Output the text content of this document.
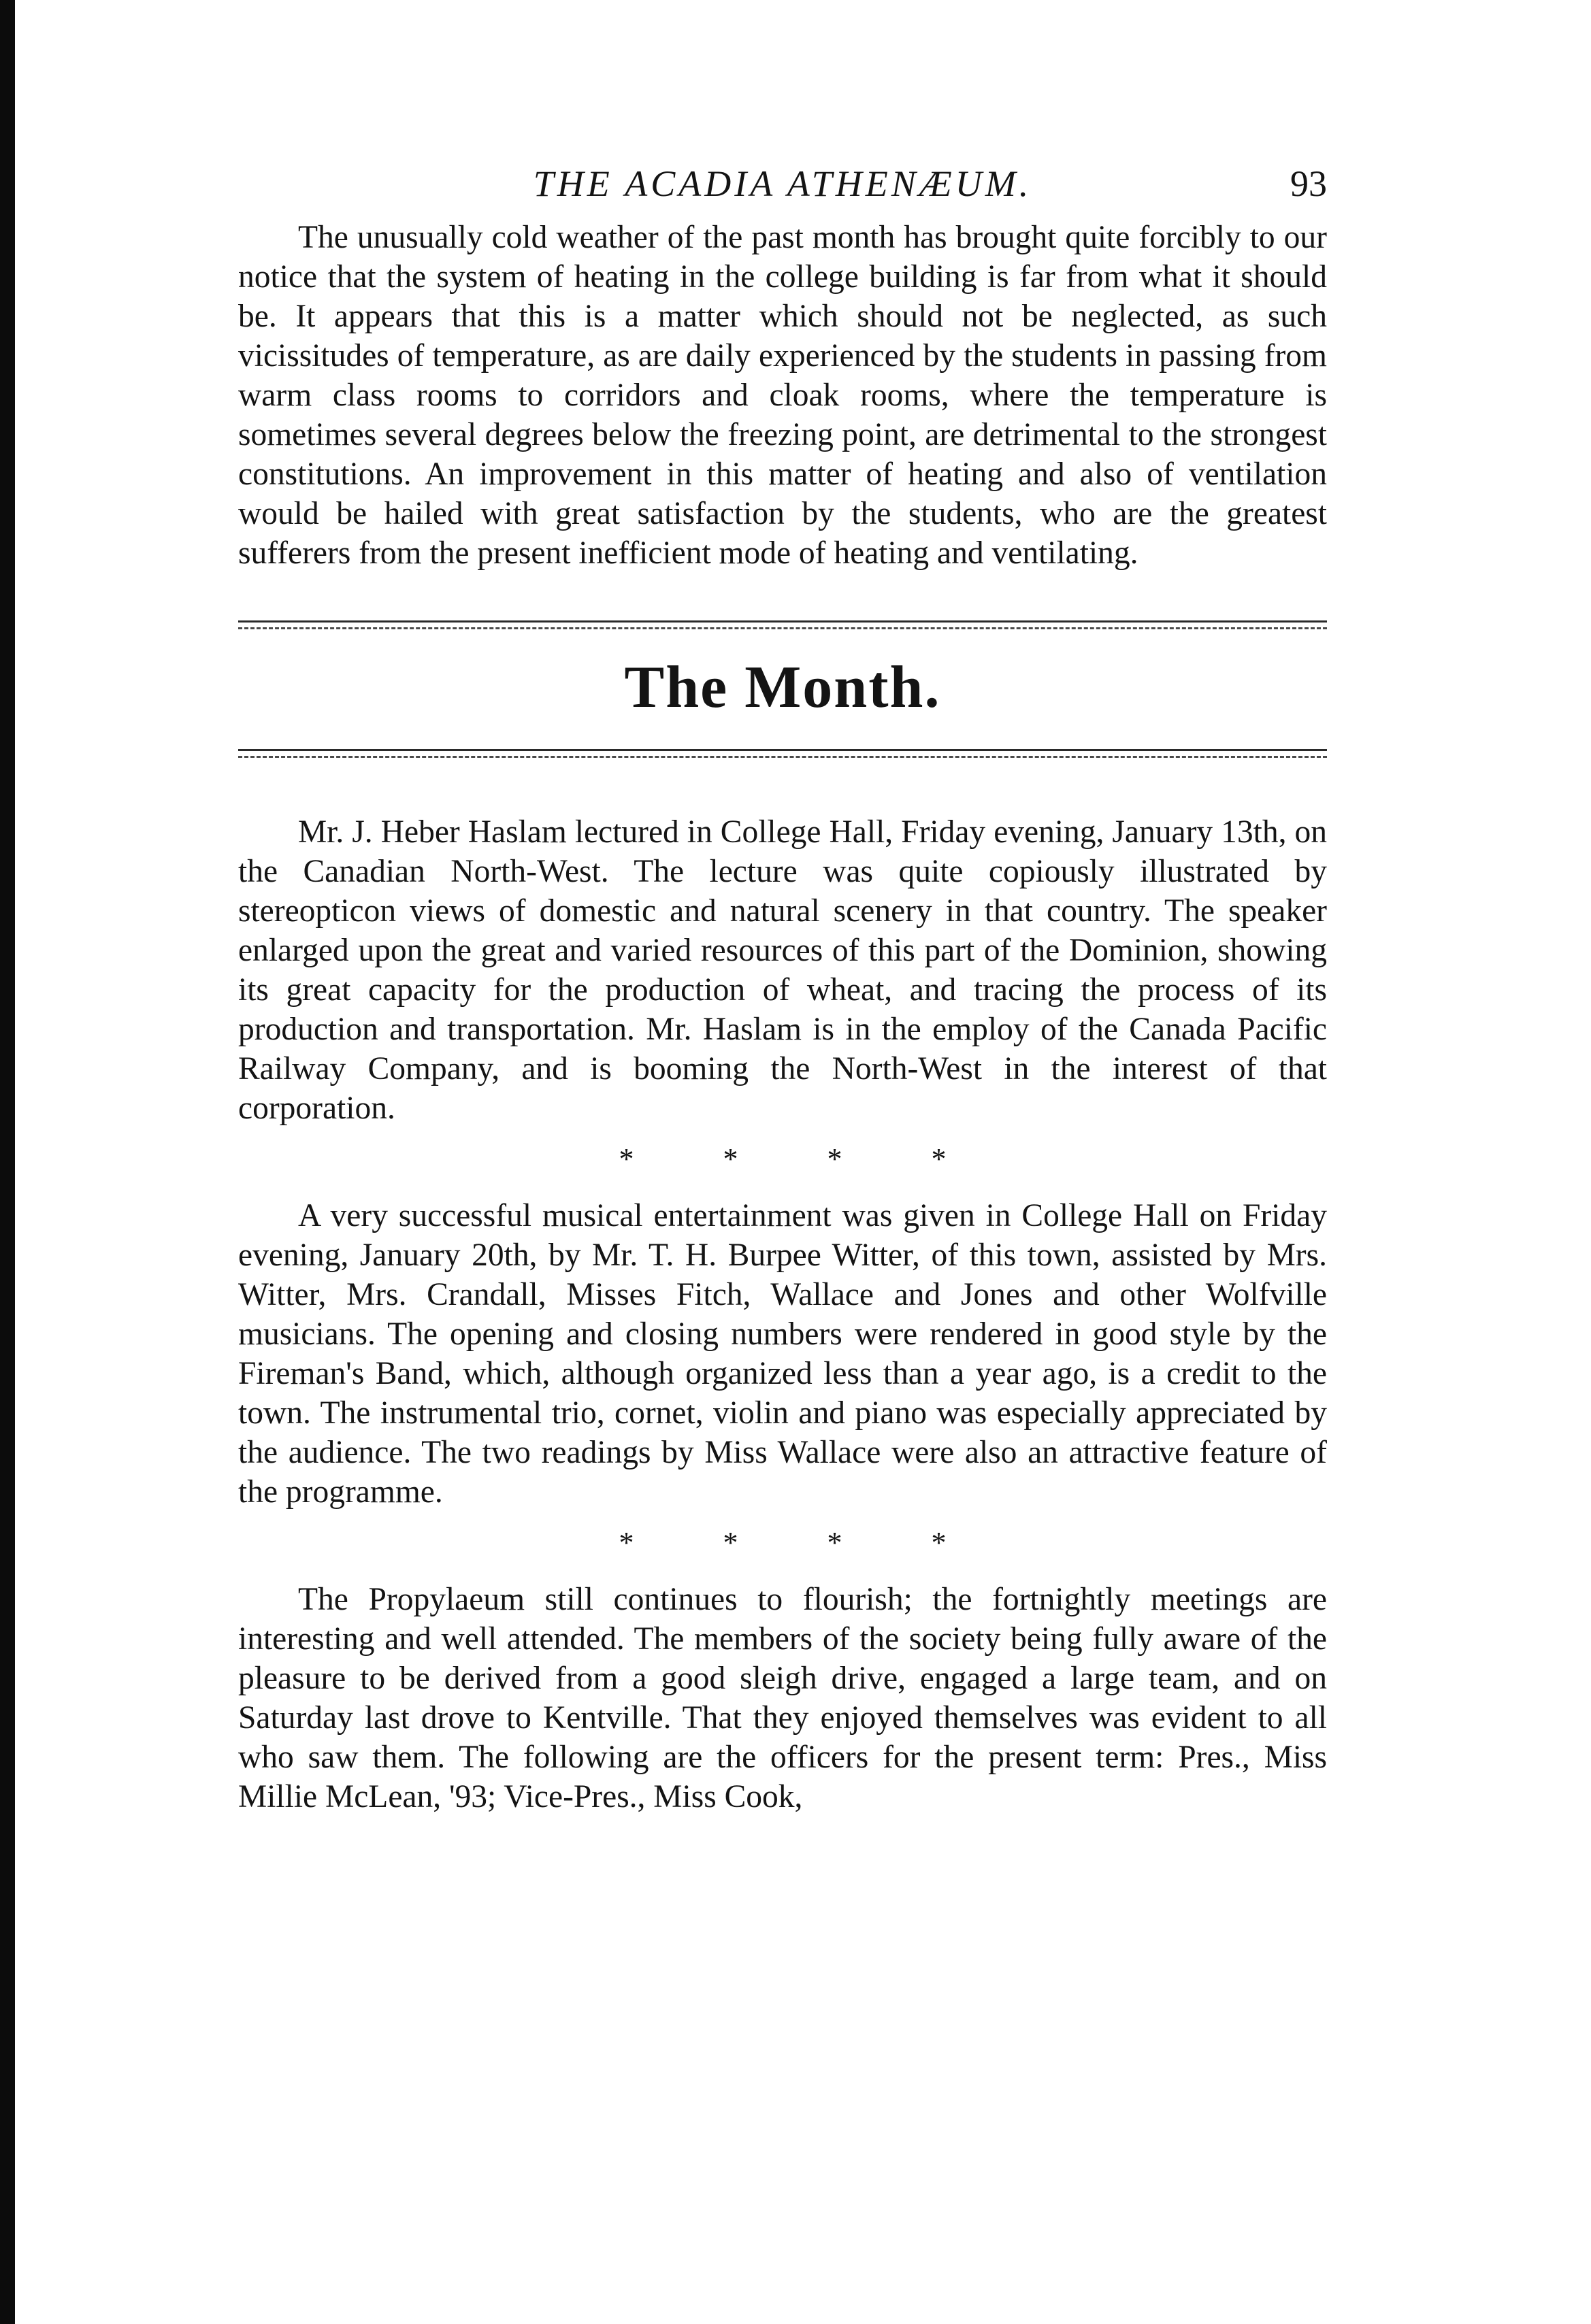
THE ACADIA ATHENÆUM.	93

The unusually cold weather of the past month has brought quite forcibly to our notice that the system of heating in the college building is far from what it should be. It appears that this is a matter which should not be neglected, as such vicissitudes of temperature, as are daily experienced by the students in passing from warm class rooms to corridors and cloak rooms, where the temperature is sometimes several degrees below the freezing point, are detrimental to the strongest constitutions. An improvement in this matter of heating and also of ventilation would be hailed with great satisfaction by the students, who are the greatest sufferers from the present inefficient mode of heating and ventilating.

The Month.

Mr. J. Heber Haslam lectured in College Hall, Friday evening, January 13th, on the Canadian North-West. The lecture was quite copiously illustrated by stereopticon views of domestic and natural scenery in that country. The speaker enlarged upon the great and varied resources of this part of the Dominion, showing its great capacity for the production of wheat, and tracing the process of its production and transportation. Mr. Haslam is in the employ of the Canada Pacific Railway Company, and is booming the North-West in the interest of that corporation.

* * * *

A very successful musical entertainment was given in College Hall on Friday evening, January 20th, by Mr. T. H. Burpee Witter, of this town, assisted by Mrs. Witter, Mrs. Crandall, Misses Fitch, Wallace and Jones and other Wolfville musicians. The opening and closing numbers were rendered in good style by the Fireman's Band, which, although organized less than a year ago, is a credit to the town. The instrumental trio, cornet, violin and piano was especially appreciated by the audience. The two readings by Miss Wallace were also an attractive feature of the programme.

* * * *

The Propylaeum still continues to flourish; the fortnightly meetings are interesting and well attended. The members of the society being fully aware of the pleasure to be derived from a good sleigh drive, engaged a large team, and on Saturday last drove to Kentville. That they enjoyed themselves was evident to all who saw them. The following are the officers for the present term: Pres., Miss Millie McLean, '93; Vice-Pres., Miss Cook,
